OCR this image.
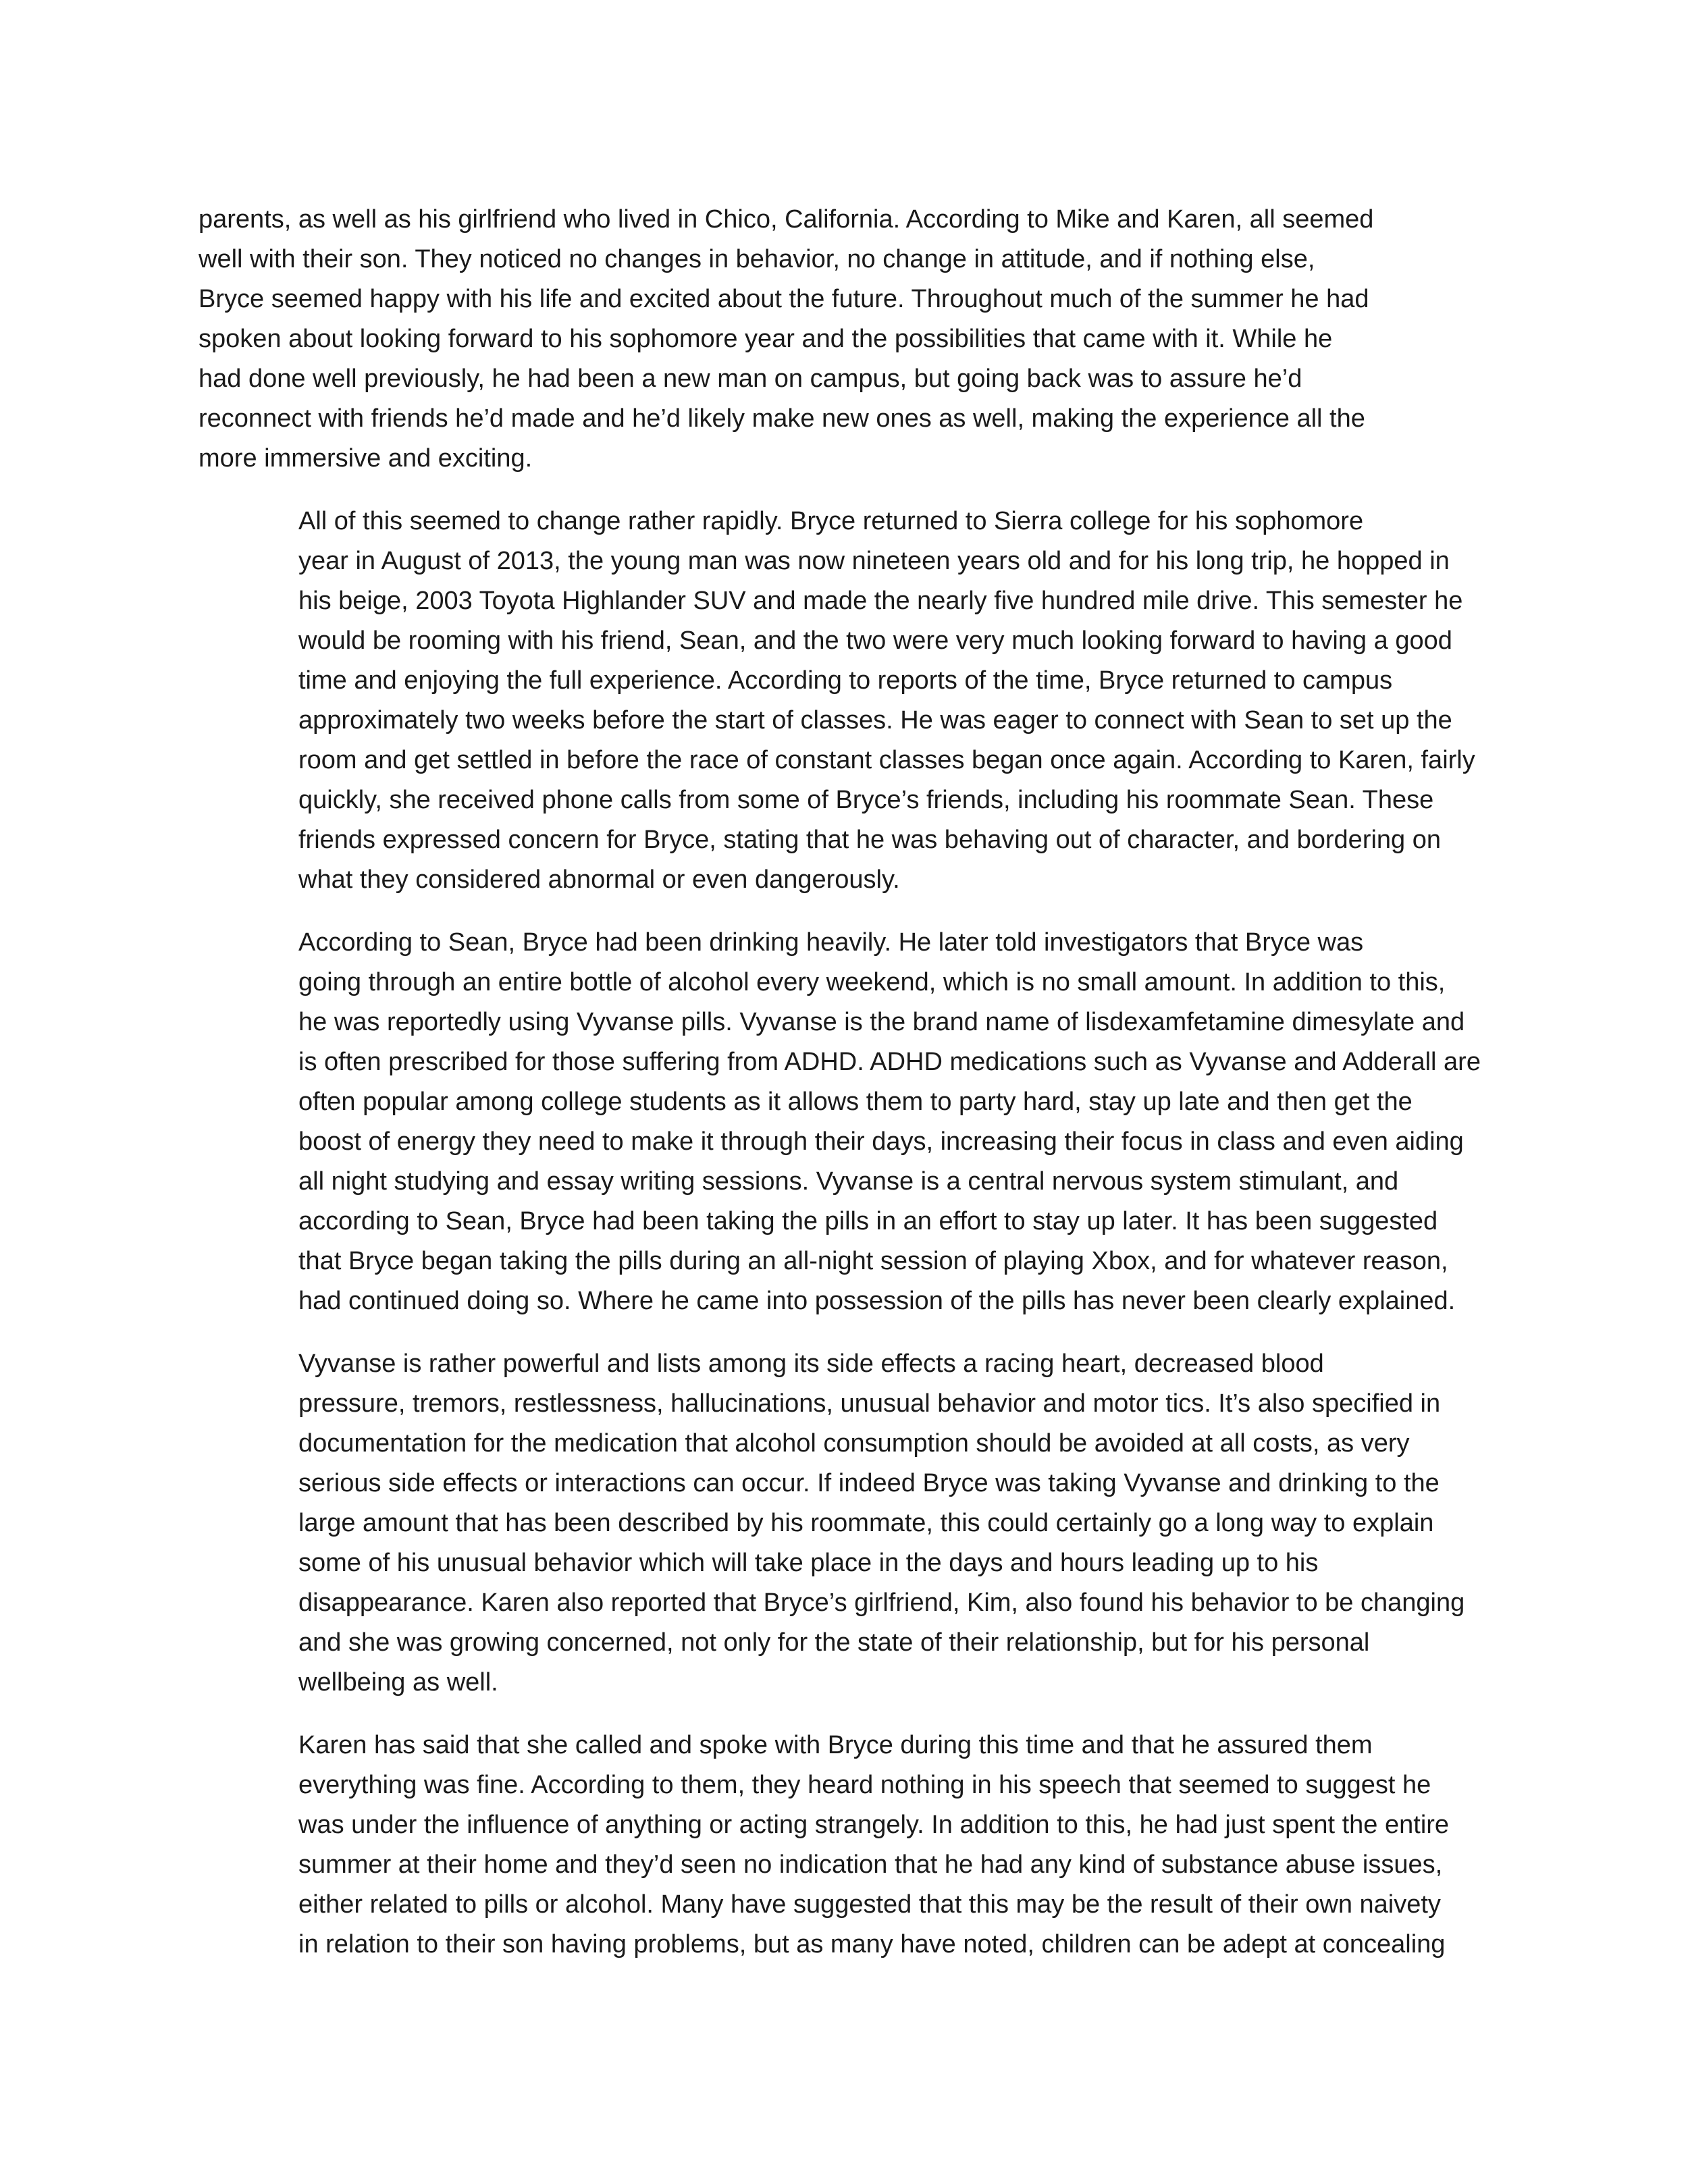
parents, as well as his girlfriend who lived in Chico, California. According to Mike and Karen, all seemed
well with their son. They noticed no changes in behavior, no change in attitude, and if nothing else,
Bryce seemed happy with his life and excited about the future. Throughout much of the summer he had
spoken about looking forward to his sophomore year and the possibilities that came with it. While he
had done well previously, he had been a new man on campus, but going back was to assure he’d
reconnect with friends he’d made and he’d likely make new ones as well, making the experience all the
more immersive and exciting.

All of this seemed to change rather rapidly. Bryce returned to Sierra college for his sophomore
year in August of 2013, the young man was now nineteen years old and for his long trip, he hopped in
his beige, 2003 Toyota Highlander SUV and made the nearly five hundred mile drive. This semester he
would be rooming with his friend, Sean, and the two were very much looking forward to having a good
time and enjoying the full experience. According to reports of the time, Bryce returned to campus
approximately two weeks before the start of classes. He was eager to connect with Sean to set up the
room and get settled in before the race of constant classes began once again. According to Karen, fairly
quickly, she received phone calls from some of Bryce’s friends, including his roommate Sean. These
friends expressed concern for Bryce, stating that he was behaving out of character, and bordering on
what they considered abnormal or even dangerously.

According to Sean, Bryce had been drinking heavily. He later told investigators that Bryce was
going through an entire bottle of alcohol every weekend, which is no small amount. In addition to this,
he was reportedly using Vyvanse pills. Vyvanse is the brand name of lisdexamfetamine dimesylate and
is often prescribed for those suffering from ADHD. ADHD medications such as Vyvanse and Adderall are
often popular among college students as it allows them to party hard, stay up late and then get the
boost of energy they need to make it through their days, increasing their focus in class and even aiding
all night studying and essay writing sessions. Vyvanse is a central nervous system stimulant, and
according to Sean, Bryce had been taking the pills in an effort to stay up later. It has been suggested
that Bryce began taking the pills during an all-night session of playing Xbox, and for whatever reason,
had continued doing so. Where he came into possession of the pills has never been clearly explained.

Vyvanse is rather powerful and lists among its side effects a racing heart, decreased blood
pressure, tremors, restlessness, hallucinations, unusual behavior and motor tics. It’s also specified in
documentation for the medication that alcohol consumption should be avoided at all costs, as very
serious side effects or interactions can occur. If indeed Bryce was taking Vyvanse and drinking to the
large amount that has been described by his roommate, this could certainly go a long way to explain
some of his unusual behavior which will take place in the days and hours leading up to his
disappearance. Karen also reported that Bryce’s girlfriend, Kim, also found his behavior to be changing
and she was growing concerned, not only for the state of their relationship, but for his personal
wellbeing as well.

Karen has said that she called and spoke with Bryce during this time and that he assured them
everything was fine. According to them, they heard nothing in his speech that seemed to suggest he
was under the influence of anything or acting strangely. In addition to this, he had just spent the entire
summer at their home and they’d seen no indication that he had any kind of substance abuse issues,
either related to pills or alcohol. Many have suggested that this may be the result of their own naivety
in relation to their son having problems, but as many have noted, children can be adept at concealing
